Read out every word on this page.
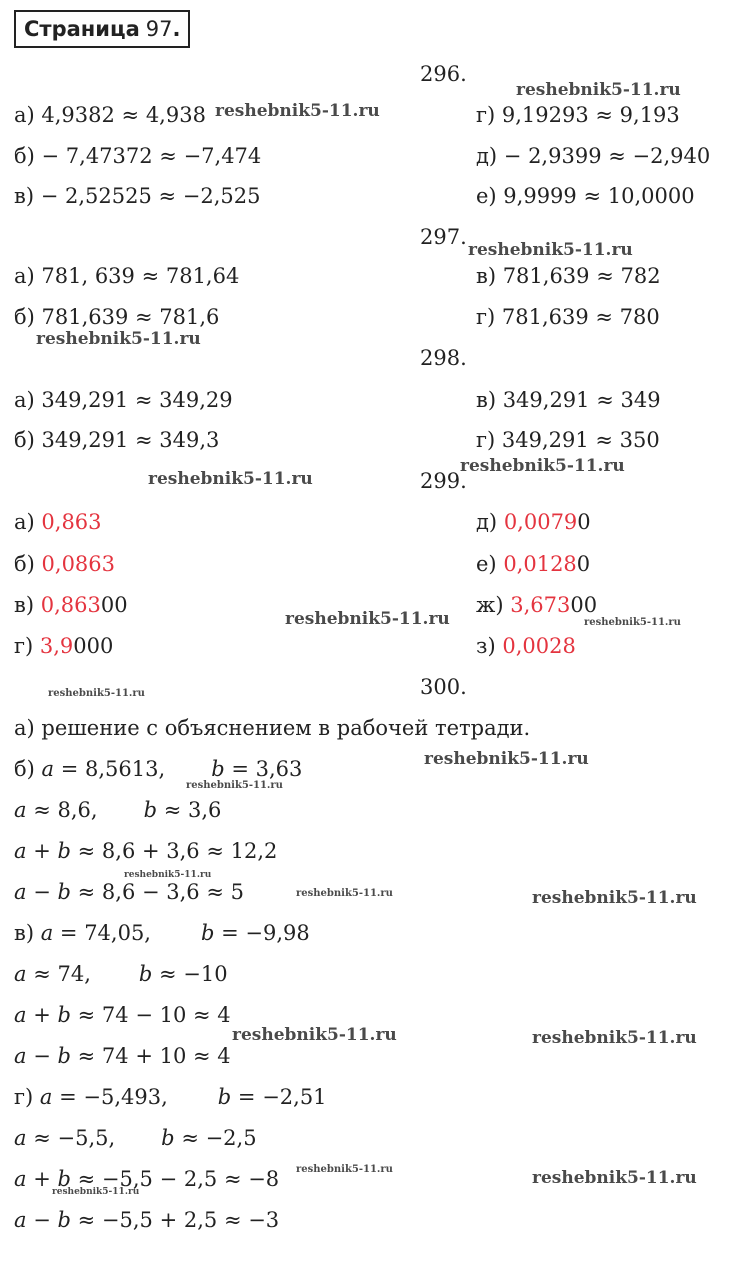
Страница 97 .
296.
а) 4,9382 ≈ 4,938
б) − 7,47372 ≈ −7,474
в) − 2,52525 ≈ −2,525
г) 9,19293 ≈ 9,193
д) − 2,9399 ≈ −2,940
е) 9,9999 ≈ 10,0000
297.
а) 781, 639 ≈ 781,64
б) 781,639 ≈ 781,6
в) 781,639 ≈ 782
г) 781,639 ≈ 780
298.
а) 349,291 ≈ 349,29
б) 349,291 ≈ 349,3
в) 349,291 ≈ 349
г) 349,291 ≈ 350
299.
а) 0,863
б) 0,0863
в) 0,86300
г) 3,9000
д) 0,00790
е) 0,01280
ж) 3,67300
з) 0,0028
300.
а) решение с объяснением в рабочей тетради.
б) a = 8,5613, b = 3,63
a ≈ 8,6, b ≈ 3,6
a + b ≈ 8,6 + 3,6 ≈ 12,2
a − b ≈ 8,6 − 3,6 ≈ 5
в) a = 74,05, b = −9,98
a ≈ 74, b ≈ −10
a + b ≈ 74 − 10 ≈ 4
a − b ≈ 74 + 10 ≈ 4
г) a = −5,493, b = −2,51
a ≈ −5,5, b ≈ −2,5
a + b ≈ −5,5 − 2,5 ≈ −8
a − b ≈ −5,5 + 2,5 ≈ −3
reshebnik5-11.ru
reshebnik5-11.ru
reshebnik5-11.ru
reshebnik5-11.ru
reshebnik5-11.ru
reshebnik5-11.ru
reshebnik5-11.ru	reshebnik5-11.ru
reshebnik5-11.ru
reshebnik5-11.ru
reshebnik5-11.ru
reshebnik5-11.ru
reshebnik5-11.ru	reshebnik5-11.ru
reshebnik5-11.ru	reshebnik5-11.ru
reshebnik5-11.ru	reshebnik5-11.ru
reshebnik5-11.ru
